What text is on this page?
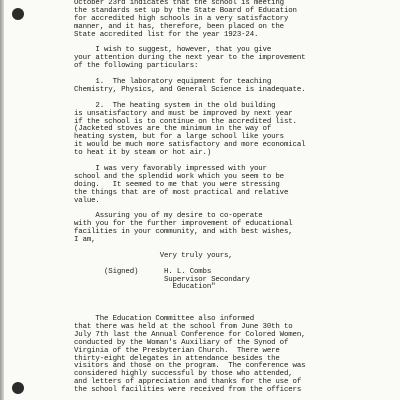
October 23rd indicates that the school is meeting
the standards set up by the State Board of Education
for accredited high schools in a very satisfactory
manner, and it has, therefore, been placed on the
State accredited list for the year 1923-24.
I wish to suggest, however, that you give
your attention during the next year to the improvement
of the following particulars:
1.  The laboratory equipment for teaching
Chemistry, Physics, and General Science is inadequate.
2.  The heating system in the old building
is unsatisfactory and must be improved by next year
if the school is to continue on the accredited list.
(Jacketed stoves are the minimum in the way of
heating system, but for a large school like yours
it would be much more satisfactory and more economical
to heat it by steam or hot air.)
I was very favorably impressed with your
school and the splendid work which you seem to be
doing.   It seemed to me that you were stressing
the things that are of most practical and relative
value.
Assuring you of my desire to co-operate
with you for the further improvement of educational
facilities in your community, and with best wishes,
I am,
Very truly yours,
(Signed)      H. L. Combs
Supervisor Secondary
Education"
The Education Committee also informed
that there was held at the school from June 30th to
July 7th last the Annual Conference for Colored Women,
conducted by the Woman's Auxiliary of the Synod of
Virginia of the Presbyterian Church.  There were
thirty-eight delegates in attendance besides the
visitors and those on the program.  The conference was
considered highly successful by those who attended,
and letters of appreciation and thanks for the use of
the school facilities were received from the officers
